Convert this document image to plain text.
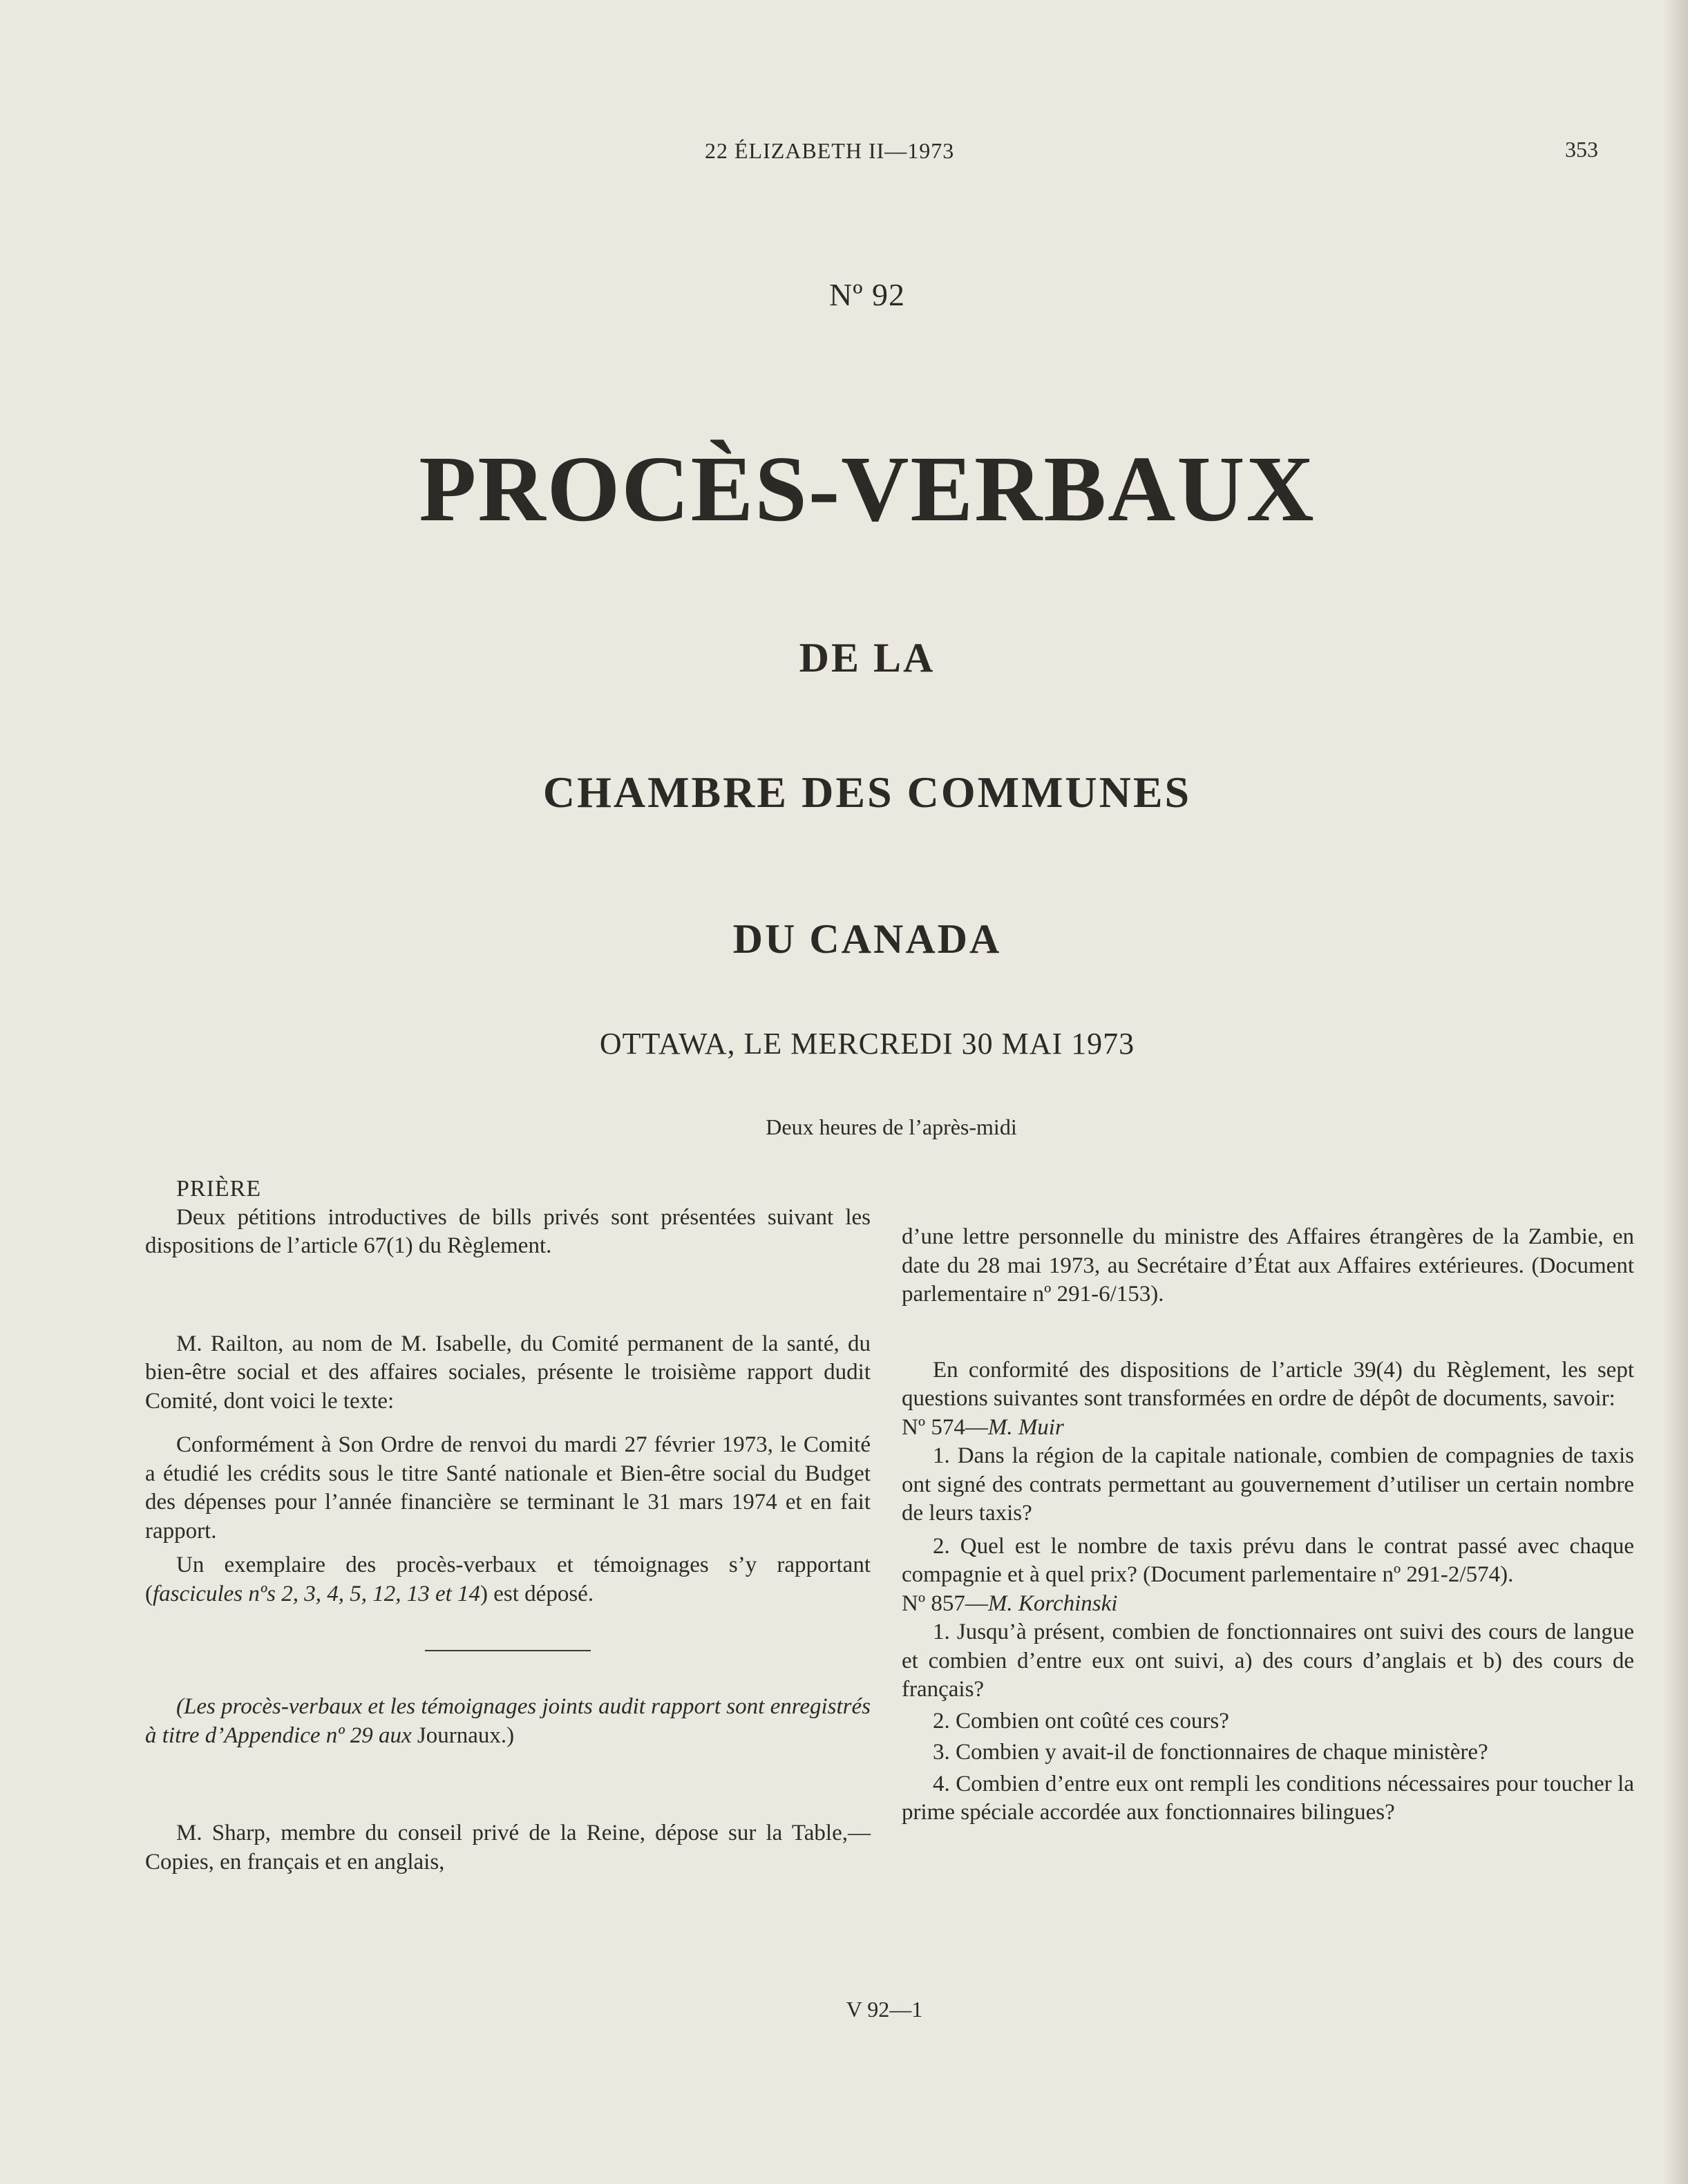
22 ÉLIZABETH II—1973	353
Nº 92
PROCÈS-VERBAUX
DE LA
CHAMBRE DES COMMUNES
DU CANADA
OTTAWA, LE MERCREDI 30 MAI 1973
Deux heures de l’après-midi

PRIÈRE

Deux pétitions introductives de bills privés sont présentées suivant les dispositions de l’article 67(1) du Règlement.

M. Railton, au nom de M. Isabelle, du Comité permanent de la santé, du bien-être social et des affaires sociales, présente le troisième rapport dudit Comité, dont voici le texte:

Conformément à Son Ordre de renvoi du mardi 27 février 1973, le Comité a étudié les crédits sous le titre Santé nationale et Bien-être social du Budget des dépenses pour l’année financière se terminant le 31 mars 1974 et en fait rapport.

Un exemplaire des procès-verbaux et témoignages s’y rapportant (fascicules nºs 2, 3, 4, 5, 12, 13 et 14) est déposé.

(Les procès-verbaux et les témoignages joints audit rapport sont enregistrés à titre d’Appendice nº 29 aux Journaux.)

M. Sharp, membre du conseil privé de la Reine, dépose sur la Table,—Copies, en français et en anglais,

d’une lettre personnelle du ministre des Affaires étrangères de la Zambie, en date du 28 mai 1973, au Secrétaire d’État aux Affaires extérieures. (Document parlementaire nº 291-6/153).

En conformité des dispositions de l’article 39(4) du Règlement, les sept questions suivantes sont transformées en ordre de dépôt de documents, savoir:

Nº 574—M. Muir

1. Dans la région de la capitale nationale, combien de compagnies de taxis ont signé des contrats permettant au gouvernement d’utiliser un certain nombre de leurs taxis?

2. Quel est le nombre de taxis prévu dans le contrat passé avec chaque compagnie et à quel prix? (Document parlementaire nº 291-2/574).

Nº 857—M. Korchinski

1. Jusqu’à présent, combien de fonctionnaires ont suivi des cours de langue et combien d’entre eux ont suivi, a) des cours d’anglais et b) des cours de français?

2. Combien ont coûté ces cours?

3. Combien y avait-il de fonctionnaires de chaque ministère?

4. Combien d’entre eux ont rempli les conditions nécessaires pour toucher la prime spéciale accordée aux fonctionnaires bilingues?

V 92—1
